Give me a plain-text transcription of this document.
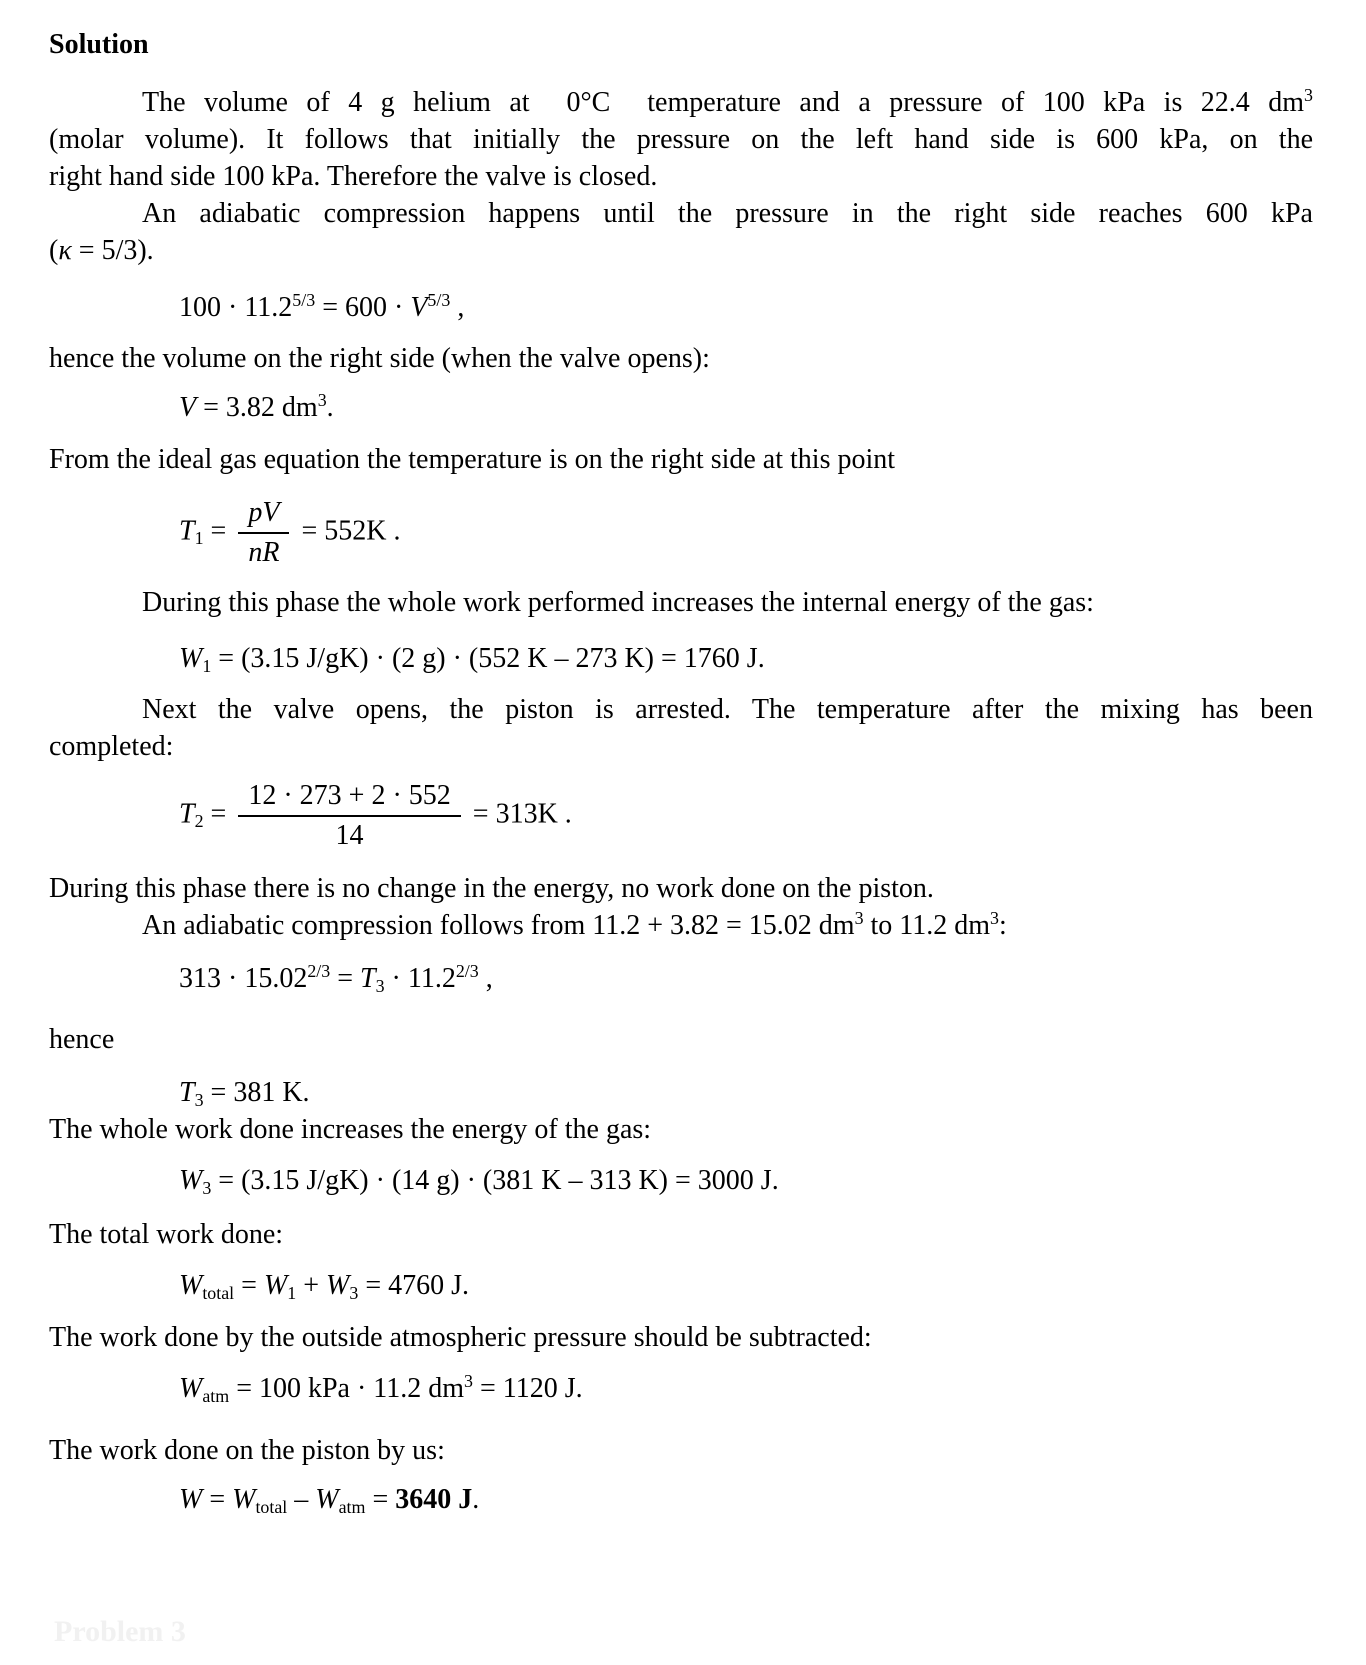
Solution
The volume of 4 g helium at  0°C  temperature and a pressure of 100 kPa is 22.4 $dm^3$
(molar volume). It follows that initially the pressure on the left hand side is 600 kPa, on the
right hand side 100 kPa. Therefore the valve is closed.
An adiabatic compression happens until the pressure in the right side reaches 600 kPa
(κ = 5/3).
$100 \cdot 11.2^{5/3} = 600 \cdot V^{5/3}$ ,
hence the volume on the right side (when the valve opens):
V = 3.82 $dm^3$.
From the ideal gas equation the temperature is on the right side at this point
$T1 = \frac{pV}{nR} = 552K$ .
During this phase the whole work performed increases the internal energy of the gas:
W1 = (3.15 J/gK) · (2 g) · (552 K – 273 K) = 1760 J.
Next the valve opens, the piston is arrested. The temperature after the mixing has been
completed:
$T2 = \frac{12 \cdot 273 + 2 \cdot 552}{14} = 313K$ .
During this phase there is no change in the energy, no work done on the piston.
An adiabatic compression follows from 11.2 + 3.82 = 15.02 $dm^3$ to 11.2 $dm^3$:
$313 \cdot 15.02^{2/3} = T3 \cdot 11.2^{2/3}$ ,
hence
T3 = 381 K.
The whole work done increases the energy of the gas:
W3 = (3.15 J/gK) · (14 g) · (381 K – 313 K) = 3000 J.
The total work done:
Wtotal = W1 + W3 = 4760 J.
The work done by the outside atmospheric pressure should be subtracted:
Watm = 100 kPa · 11.2 $dm^3 = 1120$ J.
The work done on the piston by us:
W = Wtotal – Watm = 3640 J.
Problem 3
